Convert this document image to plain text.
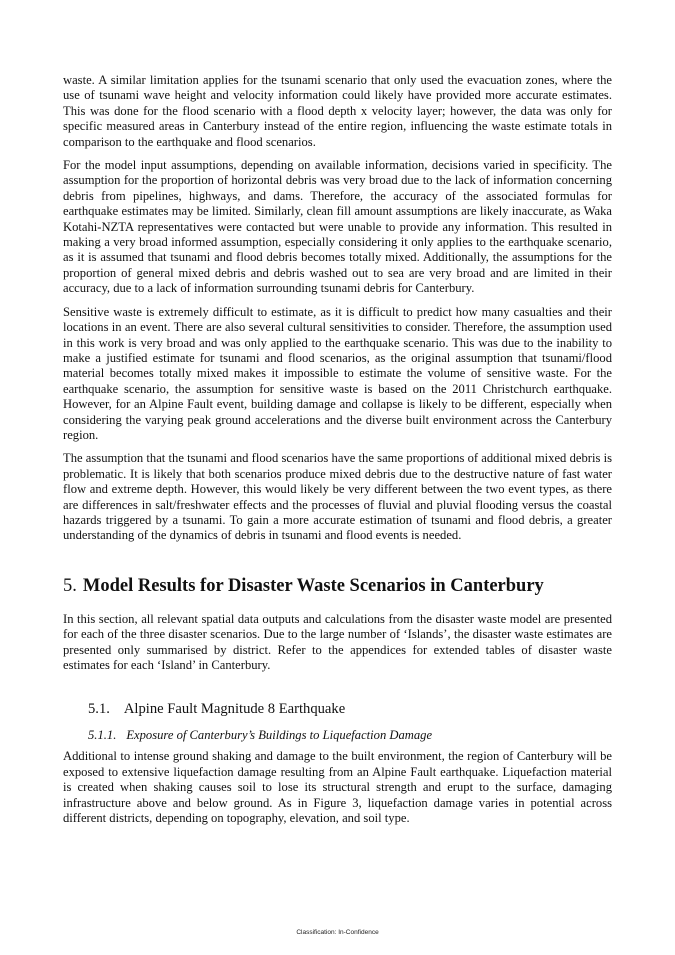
waste. A similar limitation applies for the tsunami scenario that only used the evacuation zones, where the use of tsunami wave height and velocity information could likely have provided more accurate estimates. This was done for the flood scenario with a flood depth x velocity layer; however, the data was only for specific measured areas in Canterbury instead of the entire region, influencing the waste estimate totals in comparison to the earthquake and flood scenarios.

For the model input assumptions, depending on available information, decisions varied in specificity. The assumption for the proportion of horizontal debris was very broad due to the lack of information concerning debris from pipelines, highways, and dams. Therefore, the accuracy of the associated formulas for earthquake estimates may be limited. Similarly, clean fill amount assumptions are likely inaccurate, as Waka Kotahi-NZTA representatives were contacted but were unable to provide any information. This resulted in making a very broad informed assumption, especially considering it only applies to the earthquake scenario, as it is assumed that tsunami and flood debris becomes totally mixed. Additionally, the assumptions for the proportion of general mixed debris and debris washed out to sea are very broad and are limited in their accuracy, due to a lack of information surrounding tsunami debris for Canterbury.

Sensitive waste is extremely difficult to estimate, as it is difficult to predict how many casualties and their locations in an event. There are also several cultural sensitivities to consider. Therefore, the assumption used in this work is very broad and was only applied to the earthquake scenario. This was due to the inability to make a justified estimate for tsunami and flood scenarios, as the original assumption that tsunami/flood material becomes totally mixed makes it impossible to estimate the volume of sensitive waste. For the earthquake scenario, the assumption for sensitive waste is based on the 2011 Christchurch earthquake. However, for an Alpine Fault event, building damage and collapse is likely to be different, especially when considering the varying peak ground accelerations and the diverse built environment across the Canterbury region.

The assumption that the tsunami and flood scenarios have the same proportions of additional mixed debris is problematic. It is likely that both scenarios produce mixed debris due to the destructive nature of fast water flow and extreme depth. However, this would likely be very different between the two event types, as there are differences in salt/freshwater effects and the processes of fluvial and pluvial flooding versus the coastal hazards triggered by a tsunami. To gain a more accurate estimation of tsunami and flood debris, a greater understanding of the dynamics of debris in tsunami and flood events is needed.

5. Model Results for Disaster Waste Scenarios in Canterbury

In this section, all relevant spatial data outputs and calculations from the disaster waste model are presented for each of the three disaster scenarios. Due to the large number of ‘Islands’, the disaster waste estimates are presented only summarised by district. Refer to the appendices for extended tables of disaster waste estimates for each ‘Island’ in Canterbury.

5.1. Alpine Fault Magnitude 8 Earthquake
5.1.1. Exposure of Canterbury’s Buildings to Liquefaction Damage

Additional to intense ground shaking and damage to the built environment, the region of Canterbury will be exposed to extensive liquefaction damage resulting from an Alpine Fault earthquake. Liquefaction material is created when shaking causes soil to lose its structural strength and erupt to the surface, damaging infrastructure above and below ground. As in Figure 3, liquefaction damage varies in potential across different districts, depending on topography, elevation, and soil type.

Classification: In-Confidence
